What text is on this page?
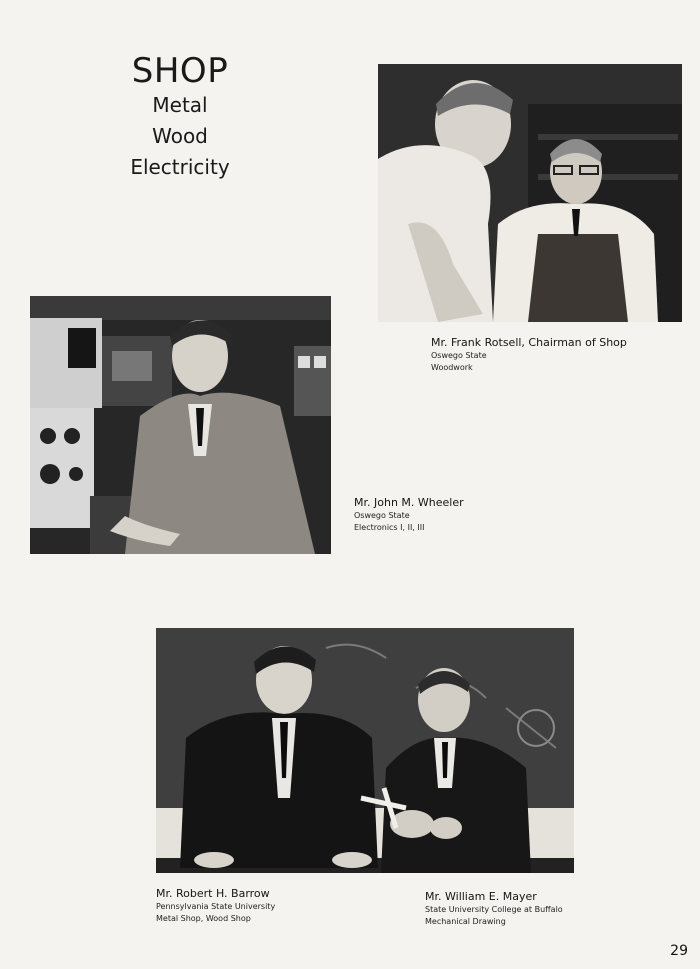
SHOP
Metal
Wood
Electricity
Mr. Frank Rotsell, Chairman of Shop
Oswego State
Woodwork
Mr. John M. Wheeler
Oswego State
Electronics I, II, III
Mr. Robert H. Barrow
Pennsylvania State University
Metal Shop, Wood Shop
Mr. William E. Mayer
State University College at Buffalo
Mechanical Drawing
29
